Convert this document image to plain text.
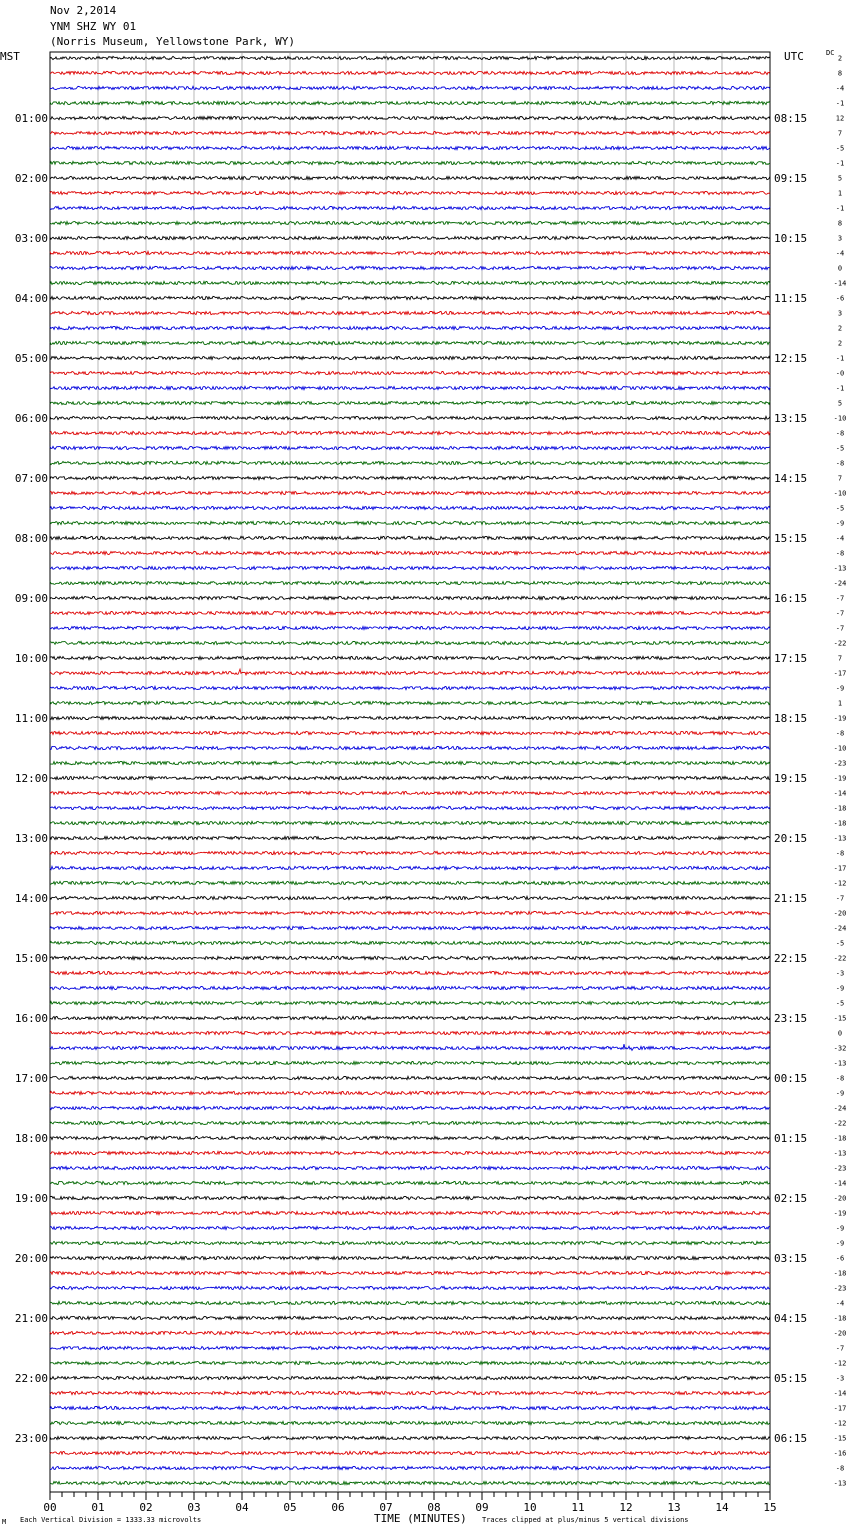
Nov 2,2014
YNM SHZ WY 01
(Norris Museum, Yellowstone Park, WY)
MST	UTC	DC
00	01	02	03	04	05	06	07	08	09	10	11	12	13	14	15
2
8
-4
-1
12
7
-5
-1
5
1
-1
8
3
-4
0
-14
-6
3
2
2
-1
-0
-1
5
-10
-8
-5
-8
7
-10
-5
-9
-4
-8
-13
-24
-7
-7
-7
-22
7
-17
-9
1
-19
-8
-10
-23
-19
-14
-18
-18
-13
-8
-17
-12
-7
-20
-24
-5
-22
-3
-9
-5
-15
0
-32
-13
-8
-9
-24
-22
-18
-13
-23
-14
-20
-19
-9
-9
-6
-18
-23
-4
-18
-20
-7
-12
-3
-14
-17
-12
-15
-16
-8
-13
01:00	08:15
02:00	09:15
03:00	10:15
04:00	11:15
05:00	12:15
06:00	13:15
07:00	14:15
08:00	15:15
09:00	16:15
10:00	17:15
11:00	18:15
12:00	19:15
13:00	20:15
14:00	21:15
15:00	22:15
16:00	23:15
17:00	00:15
18:00	01:15
19:00	02:15
20:00	03:15
21:00	04:15
22:00	05:15
23:00	06:15
TIME (MINUTES)
Each Vertical Division = 1333.33 microvolts	Traces clipped at plus/minus 5 vertical divisions
M
